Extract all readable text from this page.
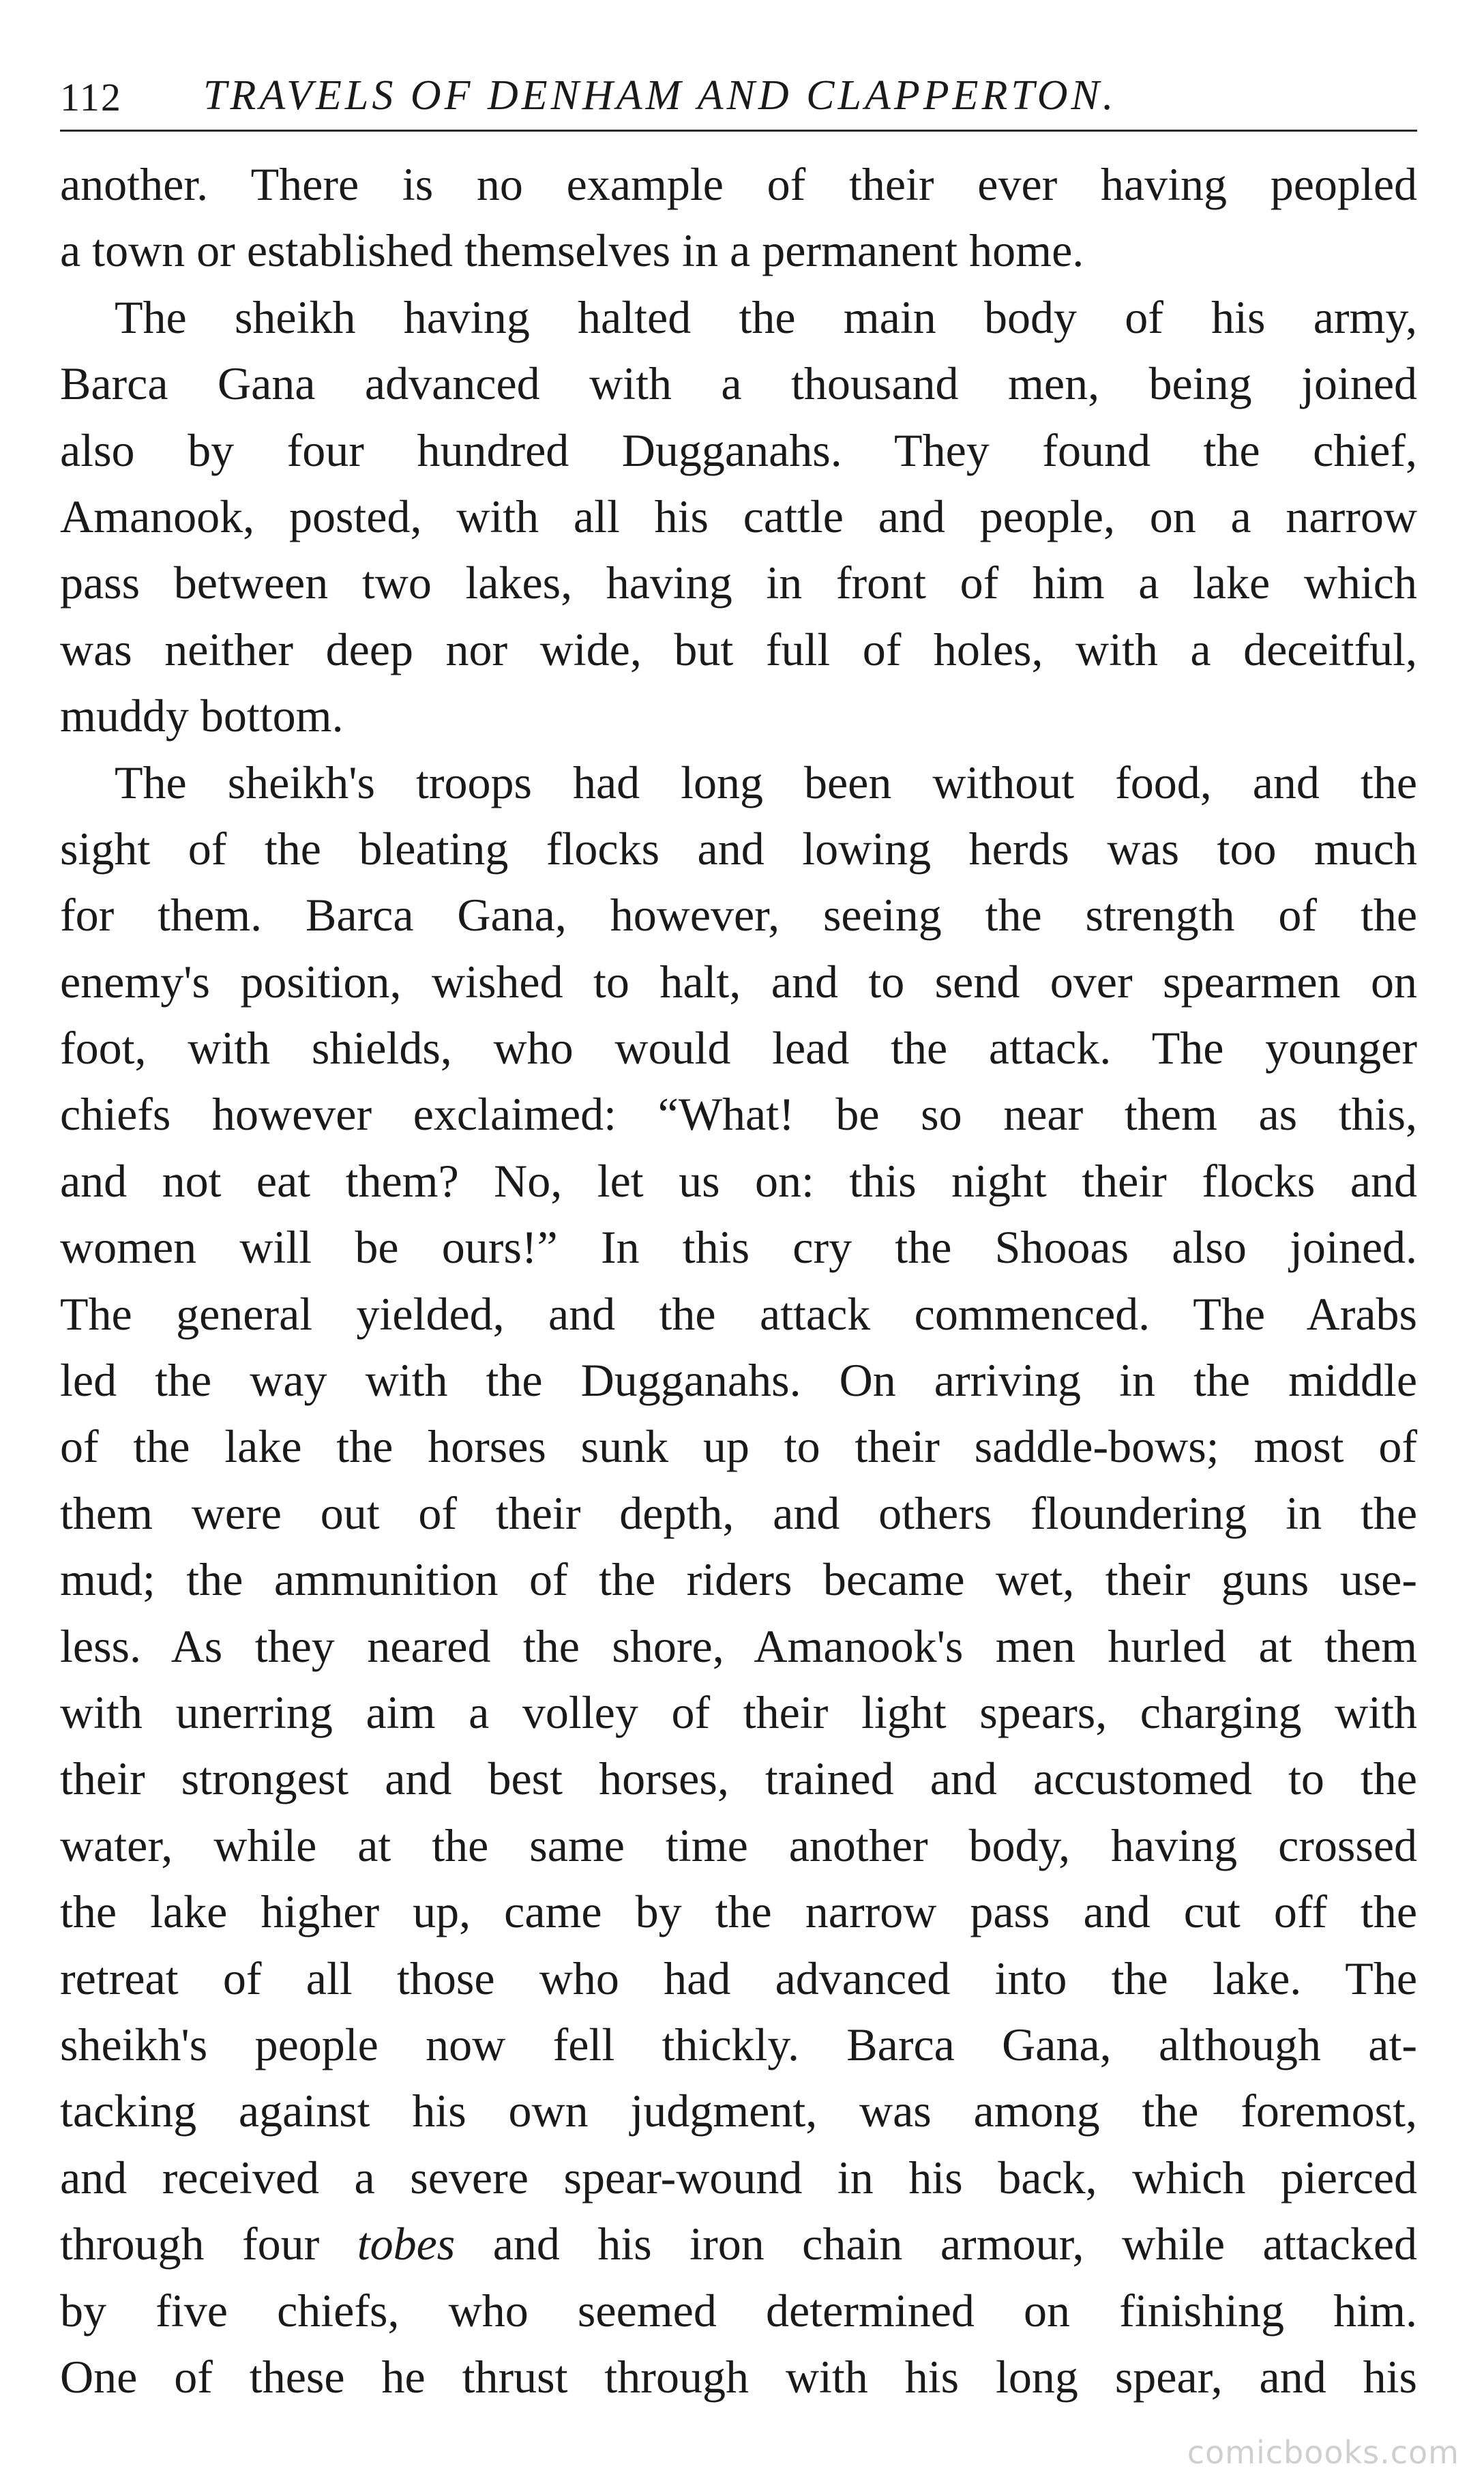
112	TRAVELS OF DENHAM AND CLAPPERTON.
another. There is no example of their ever having peopled
a town or established themselves in a permanent home.
The sheikh having halted the main body of his army,
Barca Gana advanced with a thousand men, being joined
also by four hundred Dugganahs. They found the chief,
Amanook, posted, with all his cattle and people, on a narrow
pass between two lakes, having in front of him a lake which
was neither deep nor wide, but full of holes, with a deceitful,
muddy bottom.
The sheikh's troops had long been without food, and the
sight of the bleating flocks and lowing herds was too much
for them. Barca Gana, however, seeing the strength of the
enemy's position, wished to halt, and to send over spearmen on
foot, with shields, who would lead the attack. The younger
chiefs however exclaimed: “What! be so near them as this,
and not eat them? No, let us on: this night their flocks and
women will be ours!” In this cry the Shooas also joined.
The general yielded, and the attack commenced. The Arabs
led the way with the Dugganahs. On arriving in the middle
of the lake the horses sunk up to their saddle-bows; most of
them were out of their depth, and others floundering in the
mud; the ammunition of the riders became wet, their guns use-
less. As they neared the shore, Amanook's men hurled at them
with unerring aim a volley of their light spears, charging with
their strongest and best horses, trained and accustomed to the
water, while at the same time another body, having crossed
the lake higher up, came by the narrow pass and cut off the
retreat of all those who had advanced into the lake. The
sheikh's people now fell thickly. Barca Gana, although at-
tacking against his own judgment, was among the foremost,
and received a severe spear-wound in his back, which pierced
through four tobes and his iron chain armour, while attacked
by five chiefs, who seemed determined on finishing him.
One of these he thrust through with his long spear, and his
comicbooks.com
